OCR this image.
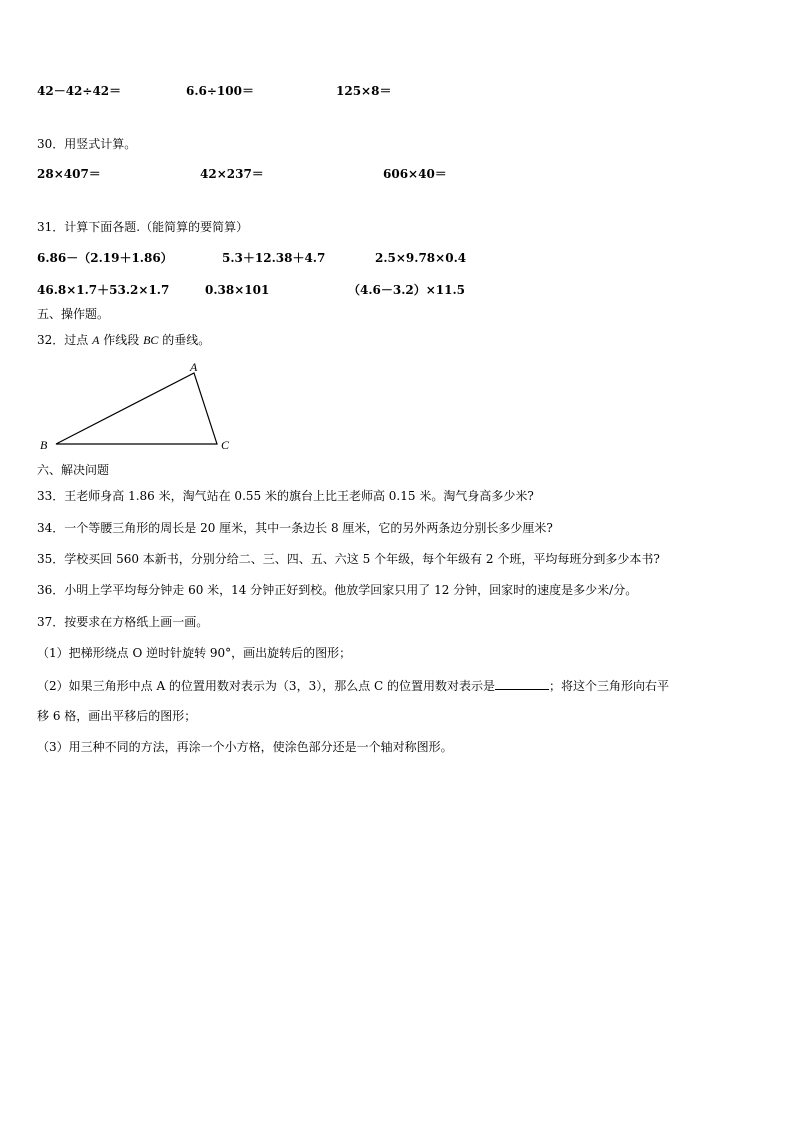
42－42÷42＝	6.6÷100＝	125×8＝
30．用竖式计算。
28×407＝	42×237＝	606×40＝
31．计算下面各题.（能简算的要简算）
6.86－（2.19＋1.86）	5.3＋12.38＋4.7	2.5×9.78×0.4
46.8×1.7＋53.2×1.7	0.38×101	（4.6－3.2）×11.5
五、操作题。
32．过点 A 作线段 BC 的垂线。
A
B	C
六、解决问题
33．王老师身高 1.86 米，淘气站在 0.55 米的旗台上比王老师高 0.15 米。淘气身高多少米?
34．一个等腰三角形的周长是 20 厘米，其中一条边长 8 厘米，它的另外两条边分别长多少厘米?
35．学校买回 560 本新书，分别分给二、三、四、五、六这 5 个年级，每个年级有 2 个班，平均每班分到多少本书?
36．小明上学平均每分钟走 60 米，14 分钟正好到校。他放学回家只用了 12 分钟，回家时的速度是多少米/分。
37．按要求在方格纸上画一画。
（1）把梯形绕点 O 逆时针旋转 90°，画出旋转后的图形；
（2）如果三角形中点 A 的位置用数对表示为（3，3），那么点 C 的位置用数对表示是	；将这个三角形向右平
移 6 格，画出平移后的图形；
（3）用三种不同的方法，再涂一个小方格，使涂色部分还是一个轴对称图形。
